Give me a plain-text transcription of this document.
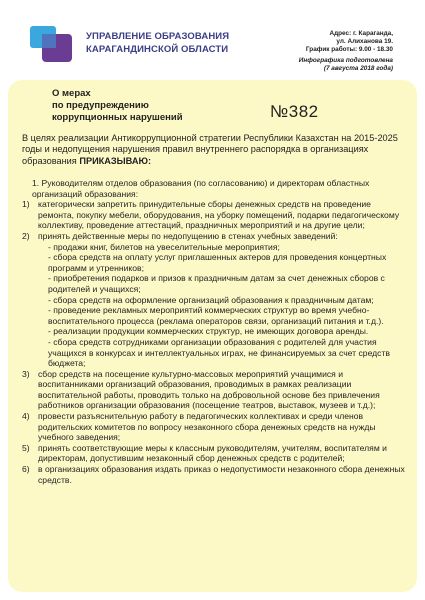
УПРАВЛЕНИЕ ОБРАЗОВАНИЯ
КАРАГАНДИНСКОЙ ОБЛАСТИ
Адрес: г. Караганда,
ул. Алиханова 19.
График работы: 9.00 - 18.30
Инфографика подготовлена
(7 августа 2018 года)
О мерах
по предупреждению
коррупционных нарушений	№382
В целях реализации Антикоррупционной стратегии Республики Казахстан на 2015-2025 годы и недопущения нарушения правил внутреннего распорядка в организациях образования ПРИКАЗЫВАЮ:
1. Руководителям отделов образования (по согласованию) и директорам областных организаций образования:
1) категорически запретить принудительные сборы денежных средств на проведение ремонта, покупку мебели, оборудования, на уборку помещений, подарки педагогическому коллективу, проведение аттестаций, праздничных мероприятий и на другие цели;
2) принять действенные меры по недопущению в стенах учебных заведений:
- продажи книг, билетов на увеселительные мероприятия;
- сбора средств на оплату услуг приглашенных актеров для проведения концертных программ и утренников;
- приобретения подарков и призов к праздничным датам за счет денежных сборов с родителей и учащихся;
- сбора средств на оформление организаций образования к праздничным датам;
- проведение рекламных мероприятий коммерческих структур во время учебно-воспитательного процесса (реклама операторов связи, организаций питания и т.д.).
- реализации продукции коммерческих структур, не имеющих договора аренды.
- сбора средств сотрудниками организации образования с родителей для участия учащихся в конкурсах и интеллектуальных играх, не финансируемых за счет средств бюджета;
3) сбор средств на посещение культурно-массовых мероприятий учащимися и воспитанниками организаций образования, проводимых в рамках реализации воспитательной работы, проводить только на добровольной основе без привлечения работников организации образования (посещение театров, выставок, музеев и т.д.);
4) провести разъяснительную работу в педагогических коллективах и среди членов родительских комитетов по вопросу незаконного сбора денежных средств на нужды учебного заведения;
5) принять соответствующие меры к классным руководителям, учителям, воспитателям и директорам, допустившим незаконный сбор денежных средств с родителей;
6) в организациях образования издать приказ о недопустимости незаконного сбора денежных средств.
